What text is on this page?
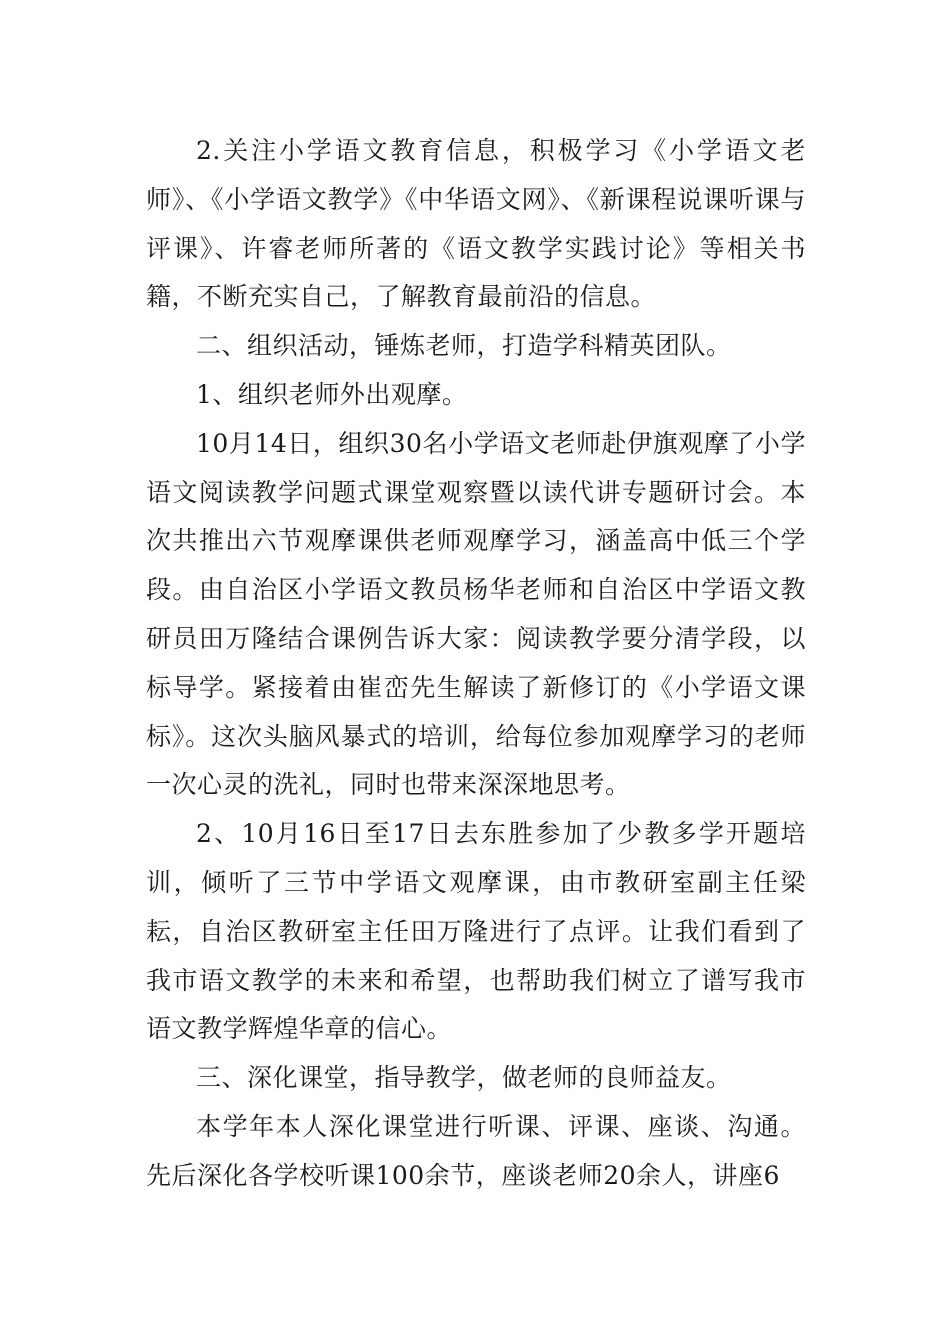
2.关注小学语文教育信息，积极学习《小学语文老师》、《小学语文教学》《中华语文网》、《新课程说课听课与评课》、许睿老师所著的《语文教学实践讨论》等相关书籍，不断充实自己，了解教育最前沿的信息。

二、组织活动，锤炼老师，打造学科精英团队。

1、组织老师外出观摩。

10月14日，组织30名小学语文老师赴伊旗观摩了小学语文阅读教学问题式课堂观察暨以读代讲专题研讨会。本次共推出六节观摩课供老师观摩学习，涵盖高中低三个学段。由自治区小学语文教员杨华老师和自治区中学语文教研员田万隆结合课例告诉大家：阅读教学要分清学段，以标导学。紧接着由崔峦先生解读了新修订的《小学语文课标》。这次头脑风暴式的培训，给每位参加观摩学习的老师一次心灵的洗礼，同时也带来深深地思考。

2、10月16日至17日去东胜参加了少教多学开题培训，倾听了三节中学语文观摩课，由市教研室副主任梁耘，自治区教研室主任田万隆进行了点评。让我们看到了我市语文教学的未来和希望，也帮助我们树立了谱写我市语文教学辉煌华章的信心。

三、深化课堂，指导教学，做老师的良师益友。

本学年本人深化课堂进行听课、评课、座谈、沟通。先后深化各学校听课100余节，座谈老师20余人，讲座6
